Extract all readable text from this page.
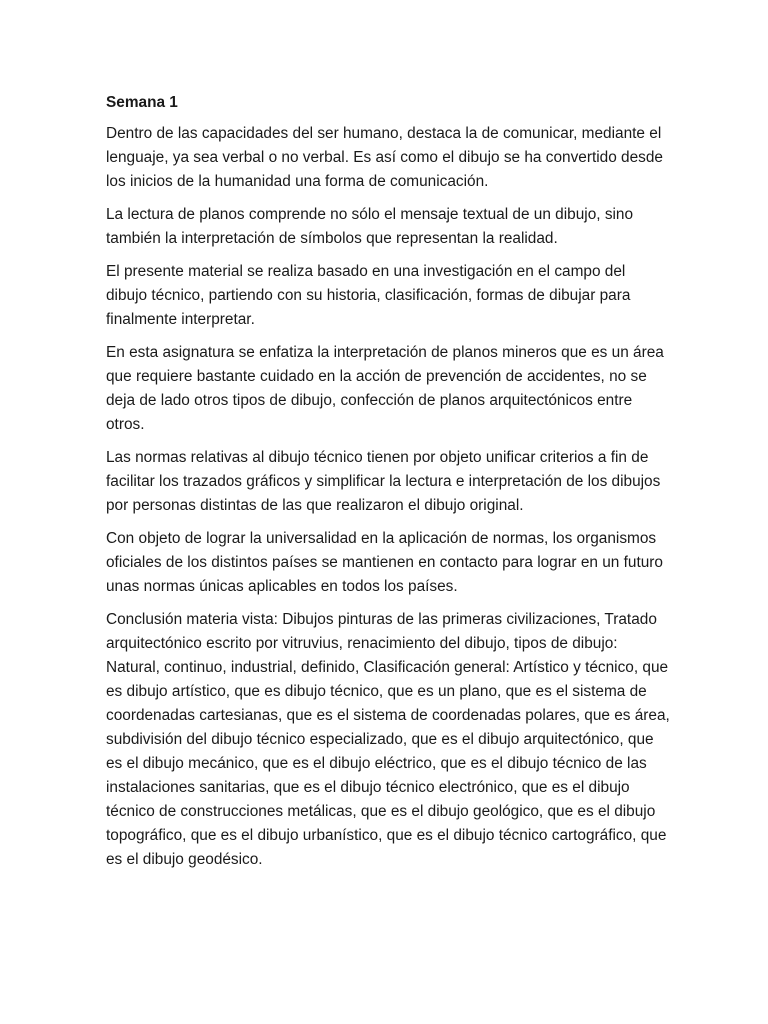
Semana 1

Dentro de las capacidades del ser humano, destaca la de comunicar, mediante el lenguaje, ya sea verbal o no verbal. Es así como el dibujo se ha convertido desde los inicios de la humanidad una forma de comunicación.

La lectura de planos comprende no sólo el mensaje textual de un dibujo, sino también la interpretación de símbolos que representan la realidad.

El presente material se realiza basado en una investigación en el campo del dibujo técnico, partiendo con su historia, clasificación, formas de dibujar para finalmente interpretar.

En esta asignatura se enfatiza la interpretación de planos mineros que es un área que requiere bastante cuidado en la acción de prevención de accidentes, no se deja de lado otros tipos de dibujo, confección de planos arquitectónicos entre otros.

Las normas relativas al dibujo técnico tienen por objeto unificar criterios a fin de facilitar los trazados gráficos y simplificar la lectura e interpretación de los dibujos por personas distintas de las que realizaron el dibujo original.

Con objeto de lograr la universalidad en la aplicación de normas, los organismos oficiales de los distintos países se mantienen en contacto para lograr en un futuro unas normas únicas aplicables en todos los países.

Conclusión materia vista: Dibujos pinturas de las primeras civilizaciones, Tratado arquitectónico escrito por vitruvius, renacimiento del dibujo, tipos de dibujo: Natural, continuo, industrial, definido, Clasificación general: Artístico y técnico, que es dibujo artístico, que es dibujo técnico, que es un plano, que es el sistema de coordenadas cartesianas, que es el sistema de coordenadas polares, que es área, subdivisión del dibujo técnico especializado, que es el dibujo arquitectónico, que es el dibujo mecánico, que es el dibujo eléctrico, que es el dibujo técnico de las instalaciones sanitarias, que es el dibujo técnico electrónico, que es el dibujo técnico de construcciones metálicas, que es el dibujo geológico, que es el dibujo topográfico, que es el dibujo urbanístico, que es el dibujo técnico cartográfico, que es el dibujo geodésico.
